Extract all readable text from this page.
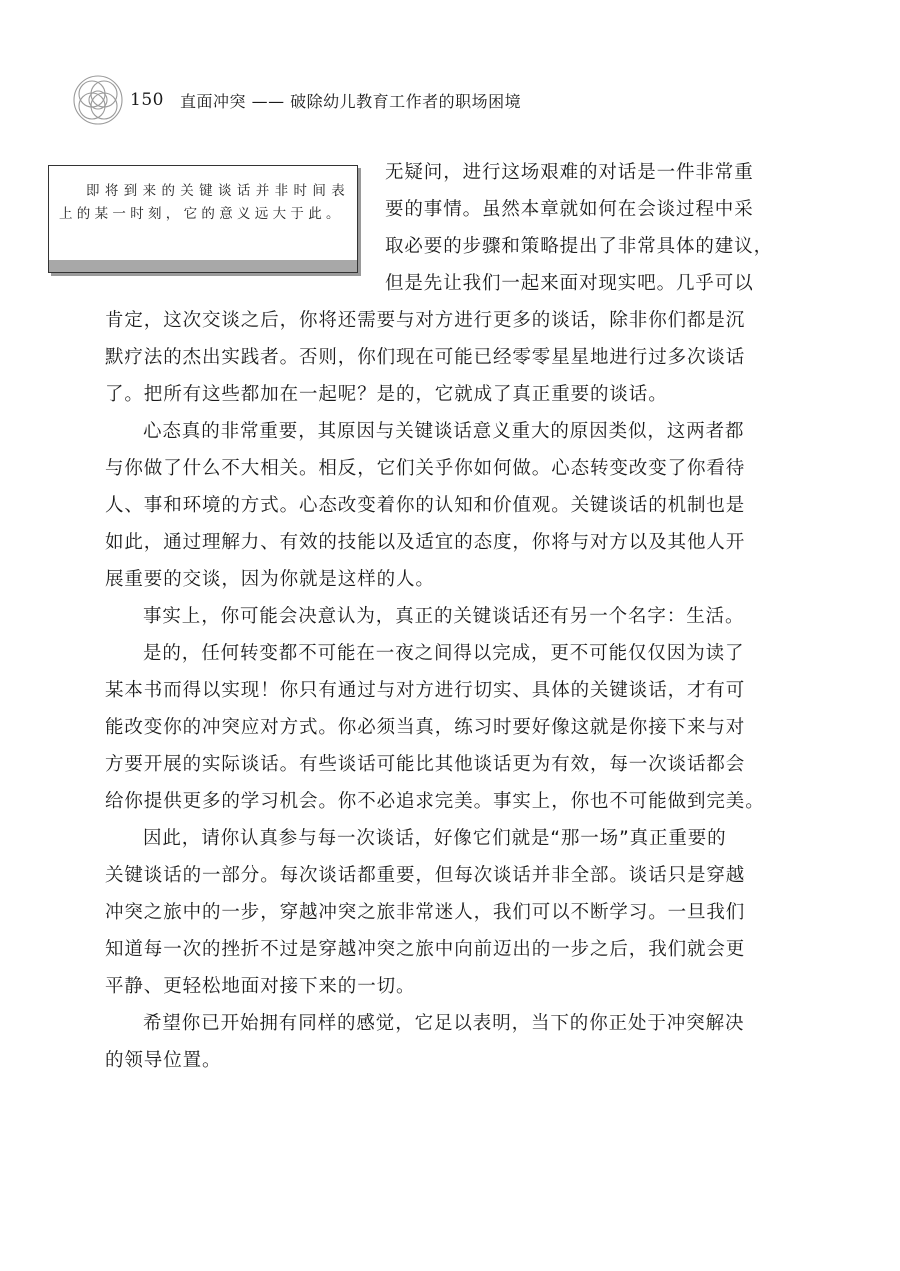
150 直面冲突 —— 破除幼儿教育工作者的职场困境
即将到来的关键谈话并非时间表上的某一时刻，它的意义远大于此。
无疑问，进行这场艰难的对话是一件非常重
要的事情。虽然本章就如何在会谈过程中采
取必要的步骤和策略提出了非常具体的建议，
但是先让我们一起来面对现实吧。几乎可以
肯定，这次交谈之后，你将还需要与对方进行更多的谈话，除非你们都是沉
默疗法的杰出实践者。否则，你们现在可能已经零零星星地进行过多次谈话
了。把所有这些都加在一起呢？是的，它就成了真正重要的谈话。
心态真的非常重要，其原因与关键谈话意义重大的原因类似，这两者都
与你做了什么不大相关。相反，它们关乎你如何做。心态转变改变了你看待
人、事和环境的方式。心态改变着你的认知和价值观。关键谈话的机制也是
如此，通过理解力、有效的技能以及适宜的态度，你将与对方以及其他人开
展重要的交谈，因为你就是这样的人。
事实上，你可能会决意认为，真正的关键谈话还有另一个名字：生活。
是的，任何转变都不可能在一夜之间得以完成，更不可能仅仅因为读了
某本书而得以实现！你只有通过与对方进行切实、具体的关键谈话，才有可
能改变你的冲突应对方式。你必须当真，练习时要好像这就是你接下来与对
方要开展的实际谈话。有些谈话可能比其他谈话更为有效，每一次谈话都会
给你提供更多的学习机会。你不必追求完美。事实上，你也不可能做到完美。
因此，请你认真参与每一次谈话，好像它们就是“那一场”真正重要的
关键谈话的一部分。每次谈话都重要，但每次谈话并非全部。谈话只是穿越
冲突之旅中的一步，穿越冲突之旅非常迷人，我们可以不断学习。一旦我们
知道每一次的挫折不过是穿越冲突之旅中向前迈出的一步之后，我们就会更
平静、更轻松地面对接下来的一切。
希望你已开始拥有同样的感觉，它足以表明，当下的你正处于冲突解决
的领导位置。
